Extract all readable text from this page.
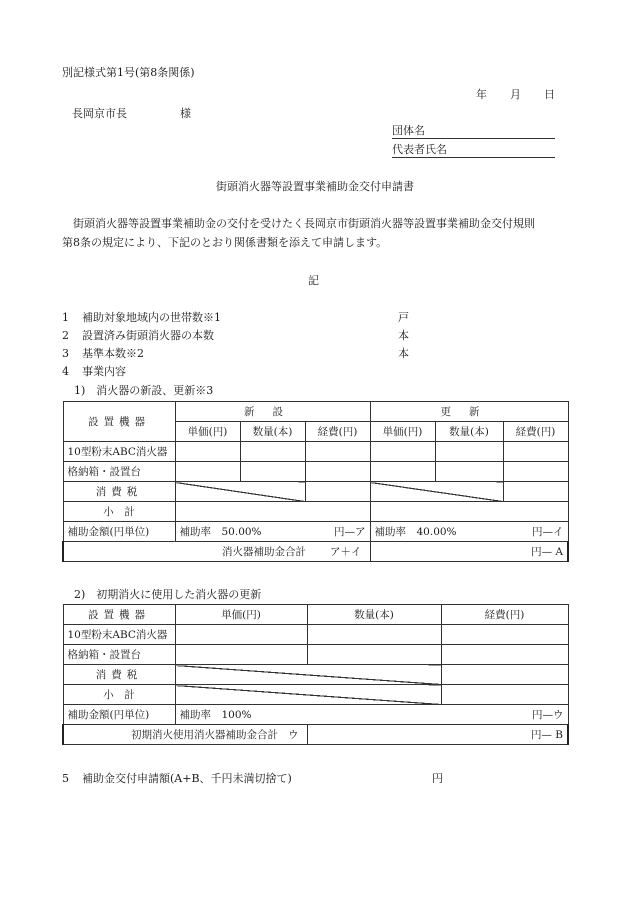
別記様式第1号(第8条関係)
年 月 日
長岡京市長	様
団体名
代表者氏名
街頭消火器等設置事業補助金交付申請書
街頭消火器等設置事業補助金の交付を受けたく長岡京市街頭消火器等設置事業補助金交付規則
第8条の規定により、下記のとおり関係書類を添えて申請します。
記
1 補助対象地域内の世帯数※1	戸
2 設置済み街頭消火器の本数	本
3 基準本数※2	本
4 事業内容
1)　消火器の新設、更新※3
設置機器	新設			更新		
	単価(円)	数量(本)	経費(円)	単価(円)	数量(本)	経費(円)
10型粉末ABC消火器						
格納箱・設置台						
消費税						
小　計						
補助金額(円単位)	補助率　50.00% 円—ア			補助率　40.00% 円—イ		

消火器補助金合計 ア＋イ				円— A		
2)　初期消火に使用した消火器の更新
設置機器	単価(円)	数量(本)	経費(円)
10型粉末ABC消火器			
格納箱・設置台			
消費税			
小　計			
補助金額(円単位)	補助率　100% 円—ウ		

初期消火使用消火器補助金合計 ウ		円— B	
5 補助金交付申請額(A+B、千円未満切捨て)	円
